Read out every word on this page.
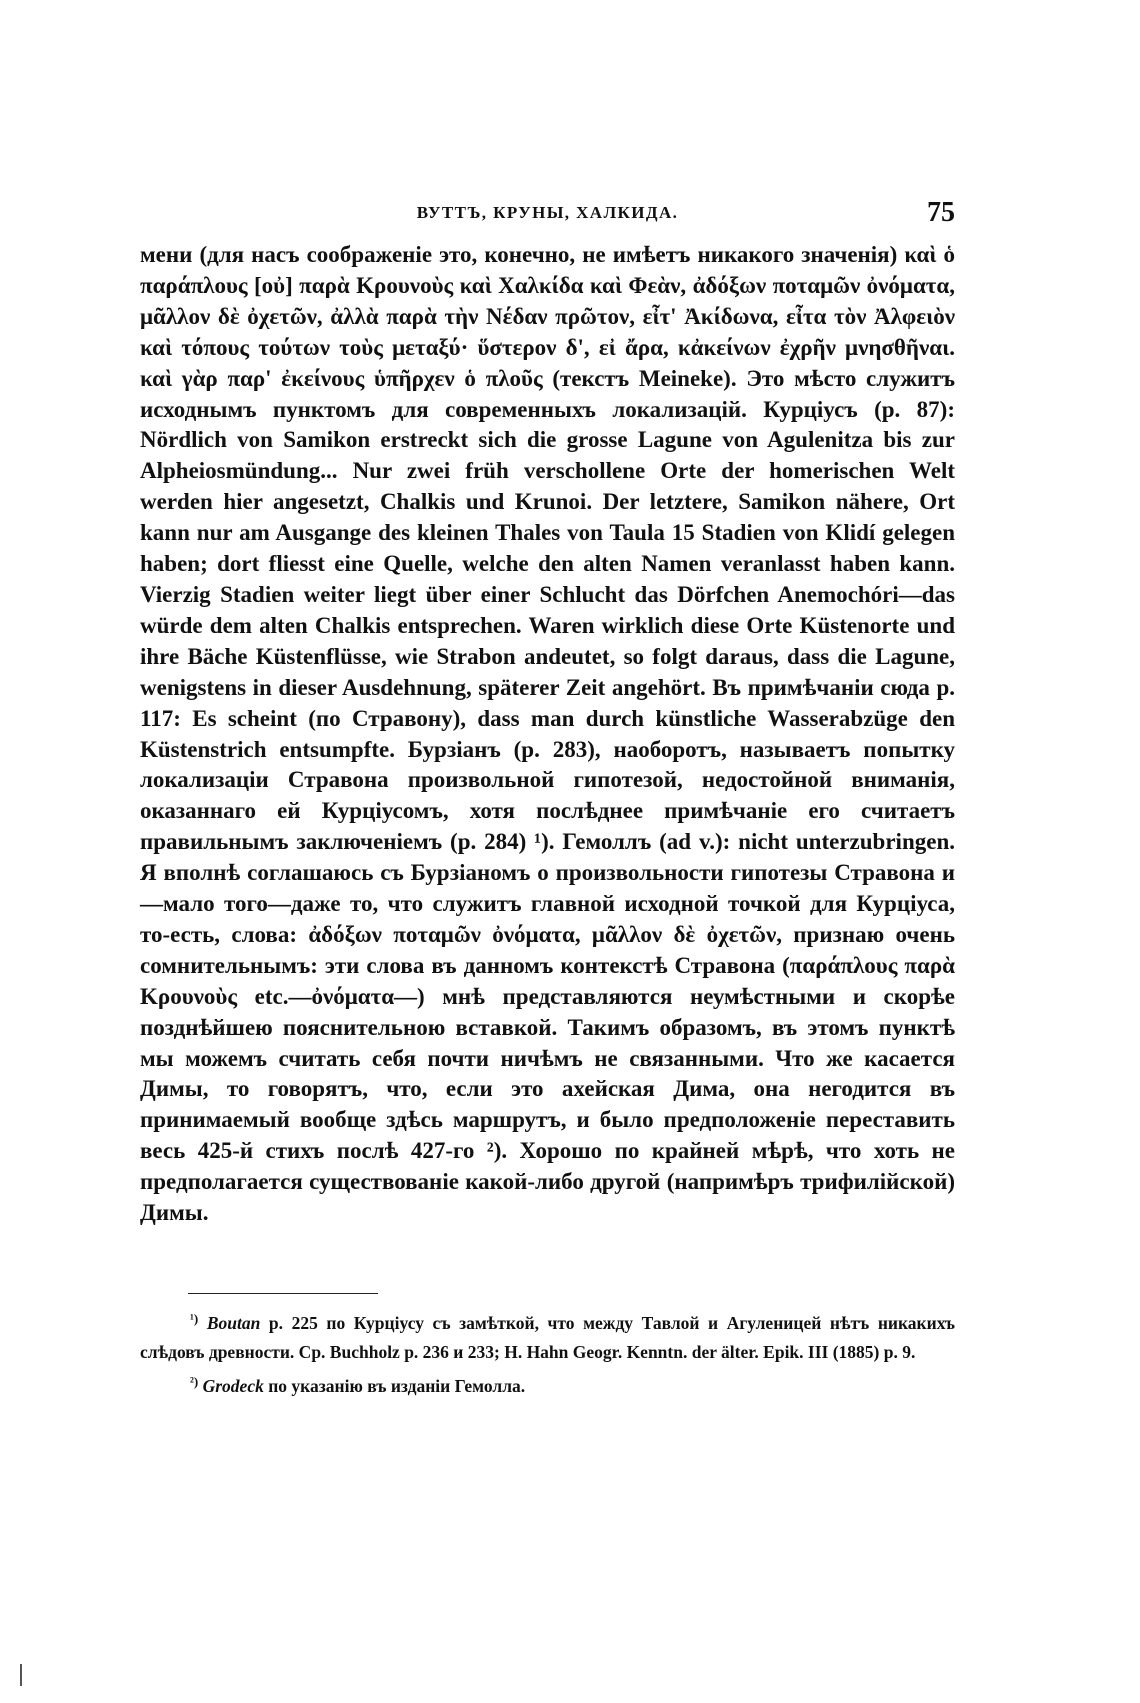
ВУТТЪ, КРУНЫ, ХАЛКИДА.	75

мени (для насъ соображеніе это, конечно, не имѣетъ никакого значенія) καὶ ὁ παράπλους [οὐ] παρὰ Κρουνοὺς καὶ Χαλκίδα καὶ Φεὰν, ἀδόξων ποταμῶν ὀνόματα, μᾶλλον δὲ ὀχετῶν, ἀλλὰ παρὰ τὴν Νέδαν πρῶτον, εἶτ' Ἀκίδωνα, εἶτα τὸν Ἀλφειὸν καὶ τόπους τούτων τοὺς μεταξύ· ὕστερον δ', εἰ ἄρα, κἀκείνων ἐχρῆν μνησθῆναι. καὶ γὰρ παρ' ἐκείνους ὑπῆρχεν ὁ πλοῦς (текстъ Meineke). Это мѣсто служитъ исходнымъ пунктомъ для современныхъ локализацій. Курціусъ (p. 87): Nördlich von Samikon erstreckt sich die grosse Lagune von Agulenitza bis zur Alpheiosmündung... Nur zwei früh verschollene Orte der homerischen Welt werden hier angesetzt, Chalkis und Krunoi. Der letztere, Samikon nähere, Ort kann nur am Ausgange des kleinen Thales von Taula 15 Stadien von Klidí gelegen haben; dort fliesst eine Quelle, welche den alten Namen veranlasst haben kann. Vierzig Stadien weiter liegt über einer Schlucht das Dörfchen Anemochóri—das würde dem alten Chalkis entsprechen. Waren wirklich diese Orte Küstenorte und ihre Bäche Küstenflüsse, wie Strabon andeutet, so folgt daraus, dass die Lagune, wenigstens in dieser Ausdehnung, späterer Zeit angehört. Въ примѣчаніи сюда p. 117: Es scheint (по Стравону), dass man durch künstliche Wasserabzüge den Küstenstrich entsumpfte. Бурзіанъ (p. 283), наоборотъ, называетъ попытку локализаціи Стравона произвольной гипотезой, недостойной вниманія, оказаннаго ей Курціусомъ, хотя послѣднее примѣчаніе его считаетъ правильнымъ заключеніемъ (p. 284) ¹). Гемоллъ (ad v.): nicht unterzubringen. Я вполнѣ соглашаюсь съ Бурзіаномъ о произвольности гипотезы Стравона и—мало того—даже то, что служитъ главной исходной точкой для Курціуса, то-есть, слова: ἀδόξων ποταμῶν ὀνόματα, μᾶλλον δὲ ὀχετῶν, признаю очень сомнительнымъ: эти слова въ данномъ контекстѣ Стравона (παράπλους παρὰ Κρουνοὺς etc.—ὀνόματα—) мнѣ представляются неумѣстными и скорѣе позднѣйшею пояснительною вставкой. Такимъ образомъ, въ этомъ пунктѣ мы можемъ считать себя почти ничѣмъ не связанными. Что же касается Димы, то говорятъ, что, если это ахейская Дима, она негодится въ принимаемый вообще здѣсь маршрутъ, и было предположеніе переставить весь 425-й стихъ послѣ 427-го ²). Хорошо по крайней мѣрѣ, что хоть не предполагается существованіе какой-либо другой (напримѣръ трифилійской) Димы.

$^{^1)}$ Boutan p. 225 по Курціусу съ замѣткой, что между Тавлой и Агуленицей нѣтъ никакихъ слѣдовъ древности. Ср. Buchholz p. 236 и 233; H. Hahn Geogr. Kenntn. der älter. Epik. III (1885) p. 9.

$^{^2)}$ Grodeck по указанію въ изданіи Гемолла.
